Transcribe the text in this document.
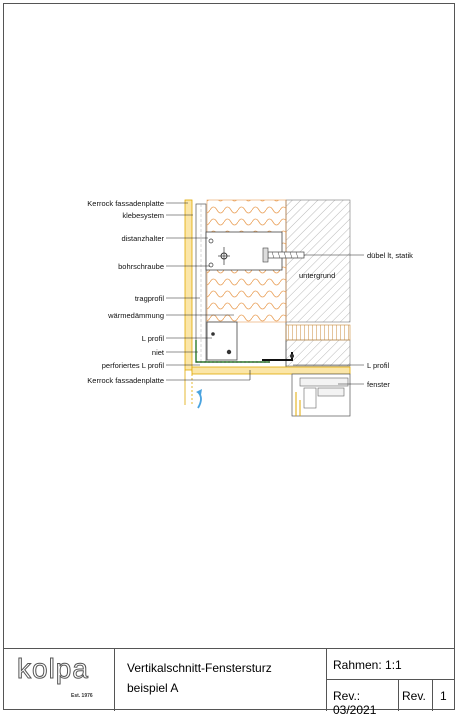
Kerrock fassadenplatte
klebesystem
distanzhalter
bohrschraube
tragprofil
wärmedämmung
L profil
niet
perforiertes L profil
Kerrock fassadenplatte
dübel lt, statik
untergrund
L profil
fenster
kolpa
Est. 1976
Vertikalschnitt-Fenstersturz
beispiel A
Rahmen: 1:1
Rev.: 03/2021
Rev. 1
